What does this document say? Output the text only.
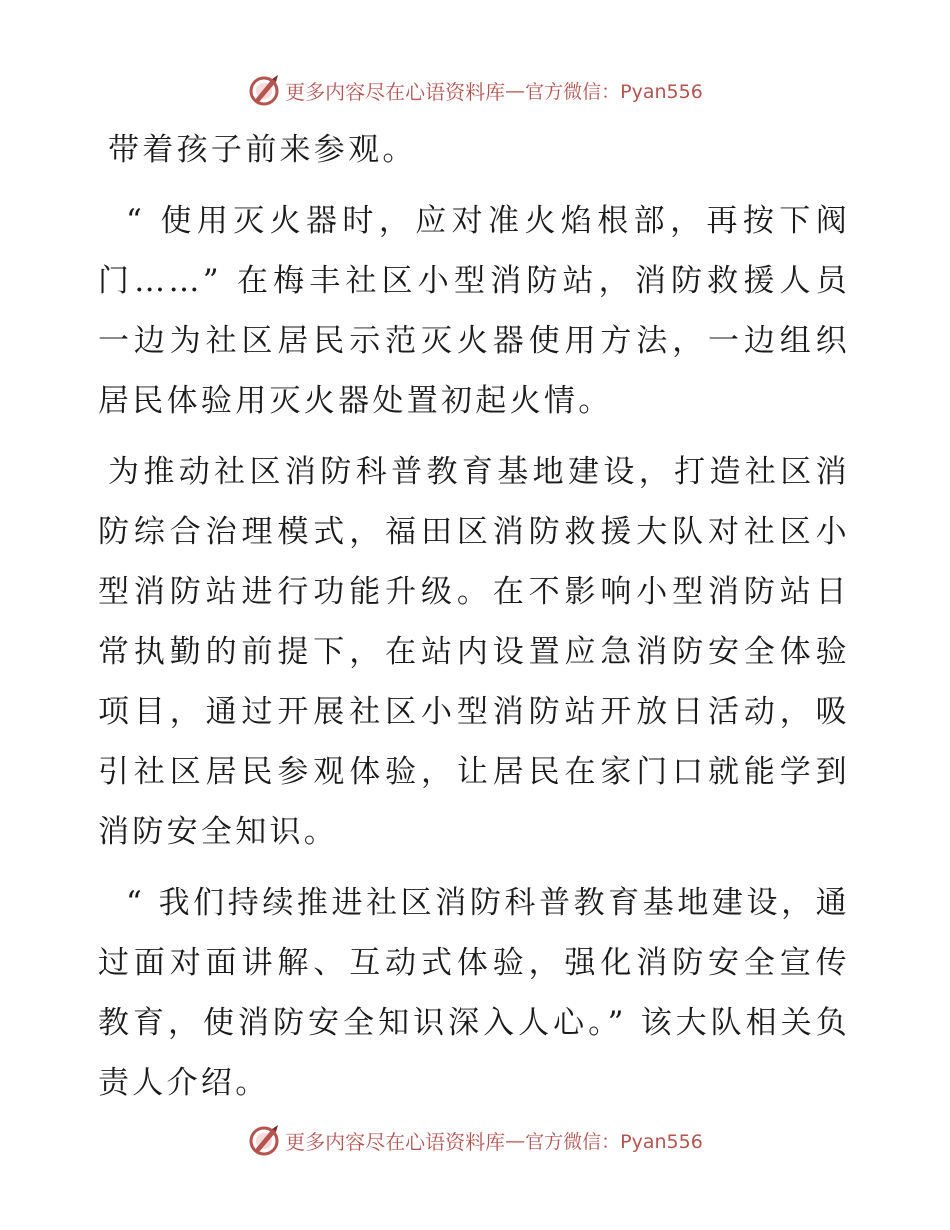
更多内容尽在心语资料库 — 官方微信：Pyan556

带着孩子前来参观。

“ 使用灭火器时，应对准火焰根部，再按下阀门……” 在梅丰社区小型消防站，消防救援人员一边为社区居民示范灭火器使用方法，一边组织居民体验用灭火器处置初起火情。

为推动社区消防科普教育基地建设，打造社区消防综合治理模式，福田区消防救援大队对社区小型消防站进行功能升级。在不影响小型消防站日常执勤的前提下，在站内设置应急消防安全体验项目，通过开展社区小型消防站开放日活动，吸引社区居民参观体验，让居民在家门口就能学到消防安全知识。

“ 我们持续推进社区消防科普教育基地建设，通过面对面讲解、互动式体验，强化消防安全宣传教育，使消防安全知识深入人心。” 该大队相关负责人介绍。

更多内容尽在心语资料库 — 官方微信：Pyan556
